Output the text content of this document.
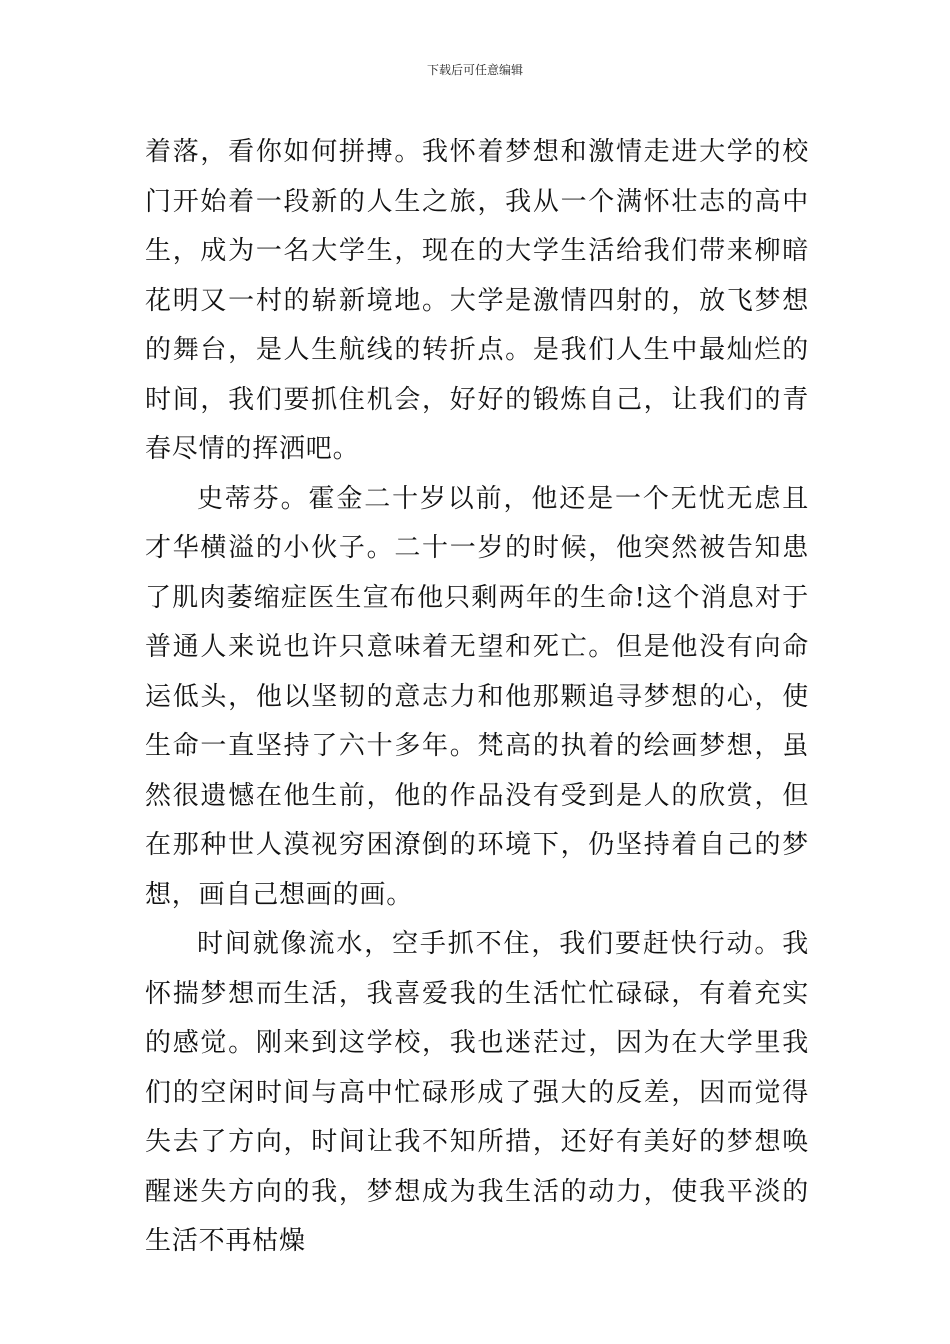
下载后可任意编辑

着落，看你如何拼搏。我怀着梦想和激情走进大学的校门开始着一段新的人生之旅，我从一个满怀壮志的高中生，成为一名大学生，现在的大学生活给我们带来柳暗花明又一村的崭新境地。大学是激情四射的，放飞梦想的舞台，是人生航线的转折点。是我们人生中最灿烂的时间，我们要抓住机会，好好的锻炼自己，让我们的青春尽情的挥洒吧。

史蒂芬。霍金二十岁以前，他还是一个无忧无虑且才华横溢的小伙子。二十一岁的时候，他突然被告知患了肌肉萎缩症医生宣布他只剩两年的生命!这个消息对于普通人来说也许只意味着无望和死亡。但是他没有向命运低头，他以坚韧的意志力和他那颗追寻梦想的心，使生命一直坚持了六十多年。梵高的执着的绘画梦想，虽然很遗憾在他生前，他的作品没有受到是人的欣赏，但在那种世人漠视穷困潦倒的环境下，仍坚持着自己的梦想，画自己想画的画。

时间就像流水，空手抓不住，我们要赶快行动。我怀揣梦想而生活，我喜爱我的生活忙忙碌碌，有着充实的感觉。刚来到这学校，我也迷茫过，因为在大学里我们的空闲时间与高中忙碌形成了强大的反差，因而觉得失去了方向，时间让我不知所措，还好有美好的梦想唤醒迷失方向的我，梦想成为我生活的动力，使我平淡的生活不再枯燥
